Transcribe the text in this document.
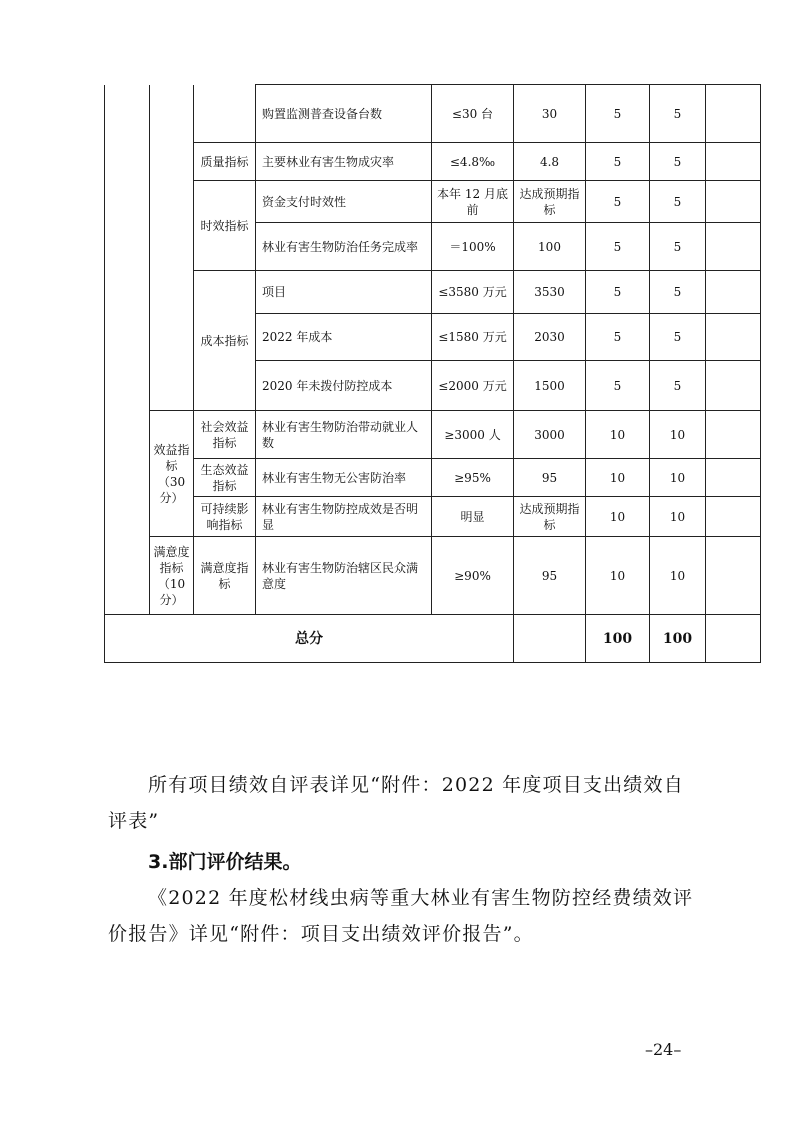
			购置监测普查设备台数	≤30 台	30	5	5	
		质量指标	主要林业有害生物成灾率	≤4.8‰	4.8	5	5	
		时效指标	资金支付时效性	本年 12 月底前	达成预期指标	5	5	
			林业有害生物防治任务完成率	＝100%	100	5	5	
		成本指标	项目	≤3580 万元	3530	5	5	
			2022 年成本	≤1580 万元	2030	5	5	
			2020 年未拨付防控成本	≤2000 万元	1500	5	5	
	效益指标（30分）	社会效益指标	林业有害生物防治带动就业人数	≥3000 人	3000	10	10	
		生态效益指标	林业有害生物无公害防治率	≥95%	95	10	10	
		可持续影响指标	林业有害生物防控成效是否明显	明显	达成预期指标	10	10	
	满意度指标（10分）	满意度指标	林业有害生物防治辖区民众满意度	≥90%	95	10	10	
总分						100	100	

所有项目绩效自评表详见“附件：2022 年度项目支出绩效自评表”

3.部门评价结果。

《2022 年度松材线虫病等重大林业有害生物防控经费绩效评价报告》详见“附件：项目支出绩效评价报告”。

–24–
